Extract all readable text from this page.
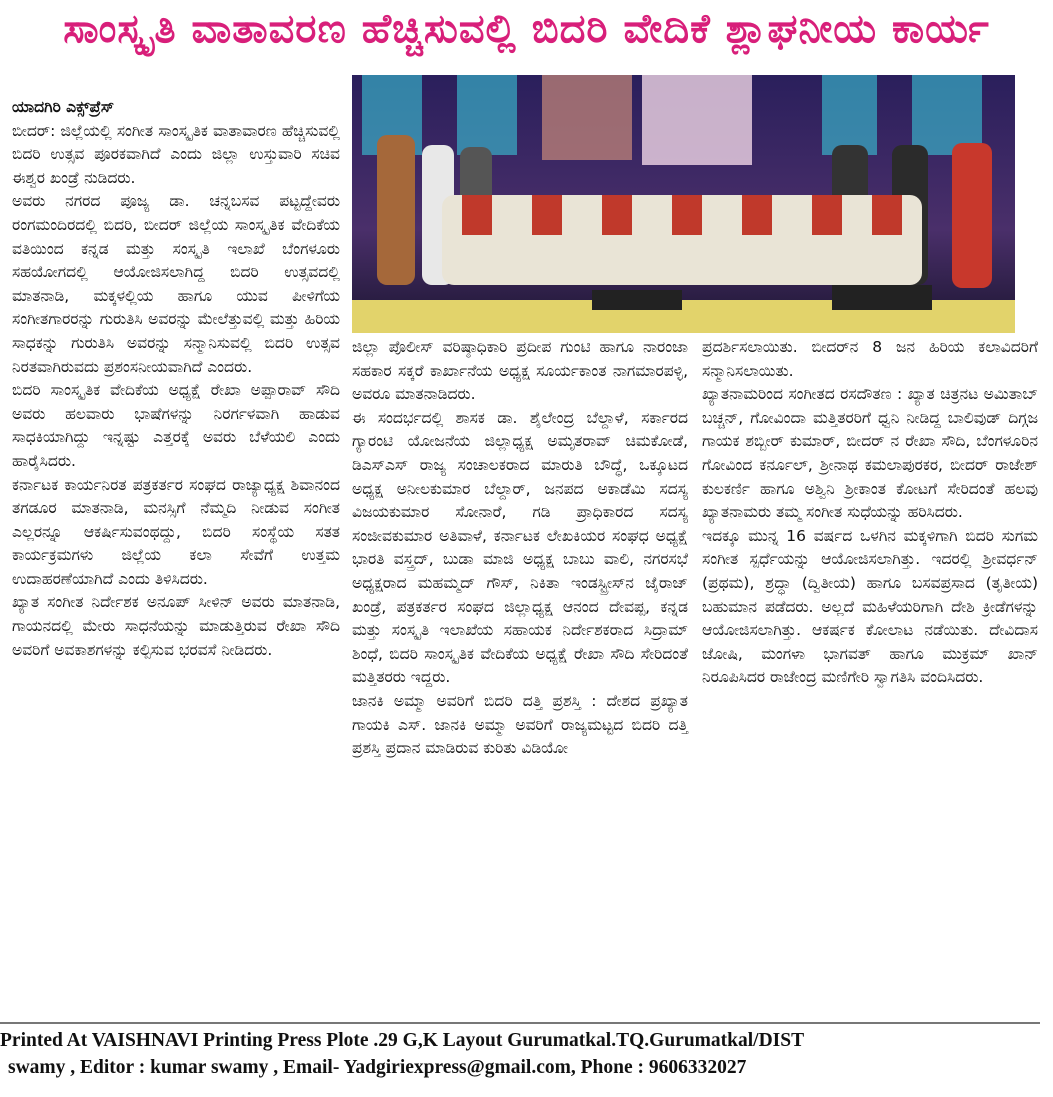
ಸಾಂಸ್ಕೃತಿ ವಾತಾವರಣ ಹೆಚ್ಚಿಸುವಲ್ಲಿ ಬಿದರಿ ವೇದಿಕೆ ಶ್ಲಾಘನೀಯ ಕಾರ್ಯ

ಯಾದಗಿರಿ ಎಕ್ಸ್‌ಪ್ರೆಸ್

ಬೀದರ್: ಜಿಲ್ಲೆಯಲ್ಲಿ ಸಂಗೀತ ಸಾಂಸ್ಕೃತಿಕ ವಾತಾವಾರಣ ಹೆಚ್ಚಿಸುವಲ್ಲಿ ಬಿದರಿ ಉತ್ಸವ ಪೂರಕವಾಗಿದೆ ಎಂದು ಜಿಲ್ಲಾ ಉಸ್ತುವಾರಿ ಸಚಿವ ಈಶ್ವರ ಖಂಡ್ರೆ ನುಡಿದರು.

ಅವರು ನಗರದ ಪೂಜ್ಯ ಡಾ. ಚನ್ನಬಸವ ಪಟ್ಟದ್ದೇವರು ರಂಗಮಂದಿರದಲ್ಲಿ ಬಿದರಿ, ಬೀದರ್ ಜಿಲ್ಲೆಯ ಸಾಂಸ್ಕೃತಿಕ ವೇದಿಕೆಯ ವತಿಯಿಂದ ಕನ್ನಡ ಮತ್ತು ಸಂಸ್ಕೃತಿ ಇಲಾಖೆ ಬೆಂಗಳೂರು ಸಹಯೋಗದಲ್ಲಿ ಆಯೋಜಿಸಲಾಗಿದ್ದ ಬಿದರಿ ಉತ್ಸವದಲ್ಲಿ ಮಾತನಾಡಿ, ಮಕ್ಕಳಲ್ಲಿಯ ಹಾಗೂ ಯುವ ಪೀಳಿಗೆಯ ಸಂಗೀತಗಾರರನ್ನು ಗುರುತಿಸಿ ಅವರನ್ನು ಮೇಲೆತ್ತುವಲ್ಲಿ ಮತ್ತು ಹಿರಿಯ ಸಾಧಕನ್ನು ಗುರುತಿಸಿ ಅವರನ್ನು ಸನ್ಮಾನಿಸುವಲ್ಲಿ ಬಿದರಿ ಉತ್ಸವ ನಿರತವಾಗಿರುವದು ಪ್ರಶಂಸನೀಯವಾಗಿದೆ ಎಂದರು.

ಬಿದರಿ ಸಾಂಸ್ಕೃತಿಕ ವೇದಿಕೆಯ ಅಧ್ಯಕ್ಷೆ ರೇಖಾ ಅಪ್ಪಾರಾವ್ ಸೌದಿ ಅವರು ಹಲವಾರು ಭಾಷೆಗಳನ್ನು ನಿರರ್ಗಳವಾಗಿ ಹಾಡುವ ಸಾಧಕಿಯಾಗಿದ್ದು ಇನ್ನಷ್ಟು ಎತ್ತರಕ್ಕೆ ಅವರು ಬೆಳೆಯಲಿ ಎಂದು ಹಾರೈಸಿದರು.

ಕರ್ನಾಟಕ ಕಾರ್ಯನಿರತ ಪತ್ರಕರ್ತರ ಸಂಘದ ರಾಜ್ಯಾಧ್ಯಕ್ಷ ಶಿವಾನಂದ ತಗಡೂರ ಮಾತನಾಡಿ, ಮನಸ್ಸಿಗೆ ನೆಮ್ಮದಿ ನೀಡುವ ಸಂಗೀತ ಎಲ್ಲರನ್ನೂ ಆಕರ್ಷಿಸುವಂಥದ್ದು, ಬಿದರಿ ಸಂಸ್ಥೆಯ ಸತತ ಕಾರ್ಯಕ್ರಮಗಳು ಜಿಲ್ಲೆಯ ಕಲಾ ಸೇವೆಗೆ ಉತ್ತಮ ಉದಾಹರಣೆಯಾಗಿದೆ ಎಂದು ತಿಳಿಸಿದರು.

ಖ್ಯಾತ ಸಂಗೀತ ನಿರ್ದೇಶಕ ಅನೂಪ್ ಸೀಳಿನ್ ಅವರು ಮಾತನಾಡಿ, ಗಾಯನದಲ್ಲಿ ಮೇರು ಸಾಧನೆಯನ್ನು ಮಾಡುತ್ತಿರುವ ರೇಖಾ ಸೌದಿ ಅವರಿಗೆ ಅವಕಾಶಗಳನ್ನು ಕಲ್ಪಿಸುವ ಭರವಸೆ ನೀಡಿದರು.

ಜಿಲ್ಲಾ ಪೊಲೀಸ್ ವರಿಷ್ಠಾಧಿಕಾರಿ ಪ್ರದೀಪ ಗುಂಟಿ ಹಾಗೂ ನಾರಂಜಾ ಸಹಕಾರ ಸಕ್ಕರೆ ಕಾರ್ಖಾನೆಯ ಅಧ್ಯಕ್ಷ ಸೂರ್ಯಕಾಂತ ನಾಗಮಾರಪಳ್ಳಿ, ಅವರೂ ಮಾತನಾಡಿದರು.

ಈ ಸಂದರ್ಭದಲ್ಲಿ ಶಾಸಕ ಡಾ. ಶೈಲೇಂದ್ರ ಬೆಲ್ದಾಳೆ, ಸರ್ಕಾರದ ಗ್ಯಾರಂಟಿ ಯೋಜನೆಯ ಜಿಲ್ಲಾಧ್ಯಕ್ಷ ಅಮೃತರಾವ್ ಚಿಮಕೋಡೆ, ಡಿಎಸ್‌ಎಸ್ ರಾಜ್ಯ ಸಂಚಾಲಕರಾದ ಮಾರುತಿ ಬೌದ್ಧೆ, ಒಕ್ಕೂಟದ ಅಧ್ಯಕ್ಷ ಅನೀಲಕುಮಾರ ಬೆಲ್ದಾರ್, ಜನಪದ ಅಕಾಡೆಮಿ ಸದಸ್ಯ ವಿಜಯಕುಮಾರ ಸೋನಾರೆ, ಗಡಿ ಪ್ರಾಧಿಕಾರದ ಸದಸ್ಯ ಸಂಜೀವಕುಮಾರ ಅತಿವಾಳೆ, ಕರ್ನಾಟಕ ಲೇಖಕಿಯರ ಸಂಘಧ ಅಧ್ಯಕ್ಷೆ ಭಾರತಿ ವಸ್ತ್ರದ್, ಬುಡಾ ಮಾಜಿ ಅಧ್ಯಕ್ಷ ಬಾಬು ವಾಲಿ, ನಗರಸಭೆ ಅಧ್ಯಕ್ಷರಾದ ಮಹಮ್ಮದ್ ಗೌಸ್, ನಿಕಿತಾ ಇಂಡಸ್ಟ್ರೀಸ್‌ನ ಜೈರಾಜ್ ಖಂಡ್ರೆ, ಪತ್ರಕರ್ತರ ಸಂಘದ ಜಿಲ್ಲಾಧ್ಯಕ್ಷ ಆನಂದ ದೇವಪ್ಪ, ಕನ್ನಡ ಮತ್ತು ಸಂಸ್ಕೃತಿ ಇಲಾಖೆಯ ಸಹಾಯಕ ನಿರ್ದೇಶಕರಾದ ಸಿದ್ರಾಮ್ ಶಿಂಧೆ, ಬಿದರಿ ಸಾಂಸ್ಕೃತಿಕ ವೇದಿಕೆಯ ಅಧ್ಯಕ್ಷೆ ರೇಖಾ ಸೌದಿ ಸೇರಿದಂತೆ ಮತ್ತಿತರರು ಇದ್ದರು.

ಜಾನಕಿ ಅಮ್ಮಾ ಅವರಿಗೆ ಬಿದರಿ ದತ್ತಿ ಪ್ರಶಸ್ತಿ : ದೇಶದ ಪ್ರಖ್ಯಾತ ಗಾಯಕಿ ಎಸ್. ಜಾನಕಿ ಅಮ್ಮಾ ಅವರಿಗೆ ರಾಜ್ಯಮಟ್ಟದ ಬಿದರಿ ದತ್ತಿ ಪ್ರಶಸ್ತಿ ಪ್ರದಾನ ಮಾಡಿರುವ ಕುರಿತು ವಿಡಿಯೋ

ಪ್ರದರ್ಶಿಸಲಾಯಿತು. ಬೀದರ್‌ನ 8 ಜನ ಹಿರಿಯ ಕಲಾವಿದರಿಗೆ ಸನ್ಮಾನಿಸಲಾಯಿತು.

ಖ್ಯಾತನಾಮರಿಂದ ಸಂಗೀತದ ರಸದೌತಣ : ಖ್ಯಾತ ಚಿತ್ರನಟ ಅಮಿತಾಬ್ ಬಚ್ಚನ್, ಗೋವಿಂದಾ ಮತ್ತಿತರರಿಗೆ ಧ್ವನಿ ನೀಡಿದ್ದ ಬಾಲಿವುಡ್ ದಿಗ್ಗಜ ಗಾಯಕ ಶಬ್ಬೀರ್ ಕುಮಾರ್, ಬೀದರ್ ನ ರೇಖಾ ಸೌದಿ, ಬೆಂಗಳೂರಿನ ಗೋವಿಂದ ಕರ್ನೂಲ್, ಶ್ರೀನಾಥ ಕಮಲಾಪುರಕರ, ಬೀದರ್ ರಾಜೇಶ್ ಕುಲಕರ್ಣಿ ಹಾಗೂ ಅಶ್ವಿನಿ ಶ್ರೀಕಾಂತ ಕೋಟಗೆ ಸೇರಿದಂತೆ ಹಲವು ಖ್ಯಾತನಾಮರು ತಮ್ಮ ಸಂಗೀತ ಸುಧೆಯನ್ನು ಹರಿಸಿದರು.

ಇದಕ್ಕೂ ಮುನ್ನ 16 ವರ್ಷದ ಒಳಗಿನ ಮಕ್ಕಳಿಗಾಗಿ ಬಿದರಿ ಸುಗಮ ಸಂಗೀತ ಸ್ಪರ್ಧೆಯನ್ನು ಆಯೋಜಿಸಲಾಗಿತ್ತು. ಇದರಲ್ಲಿ ಶ್ರೀವರ್ಧನ್ (ಪ್ರಥಮ), ಶ್ರದ್ಧಾ (ದ್ವಿತೀಯ) ಹಾಗೂ ಬಸವಪ್ರಸಾದ (ತೃತೀಯ) ಬಹುಮಾನ ಪಡೆದರು. ಅಲ್ಲದೆ ಮಹಿಳೆಯರಿಗಾಗಿ ದೇಶಿ ಕ್ರೀಡೆಗಳನ್ನು ಆಯೋಜಿಸಲಾಗಿತ್ತು. ಆಕರ್ಷಕ ಕೋಲಾಟ ನಡೆಯಿತು. ದೇವಿದಾಸ ಜೋಷಿ, ಮಂಗಳಾ ಭಾಗವತ್ ಹಾಗೂ ಮುಕ್ರಮ್ ಖಾನ್ ನಿರೂಪಿಸಿದರ ರಾಜೇಂದ್ರ ಮಣಿಗೇರಿ ಸ್ವಾಗತಿಸಿ ವಂದಿಸಿದರು.

Printed At VAISHNAVI Printing Press Plote .29 G,K Layout Gurumatkal.TQ.Gurumatkal/DIST
swamy , Editor : kumar swamy , Email- Yadgiriexpress@gmail.com, Phone : 9606332027
